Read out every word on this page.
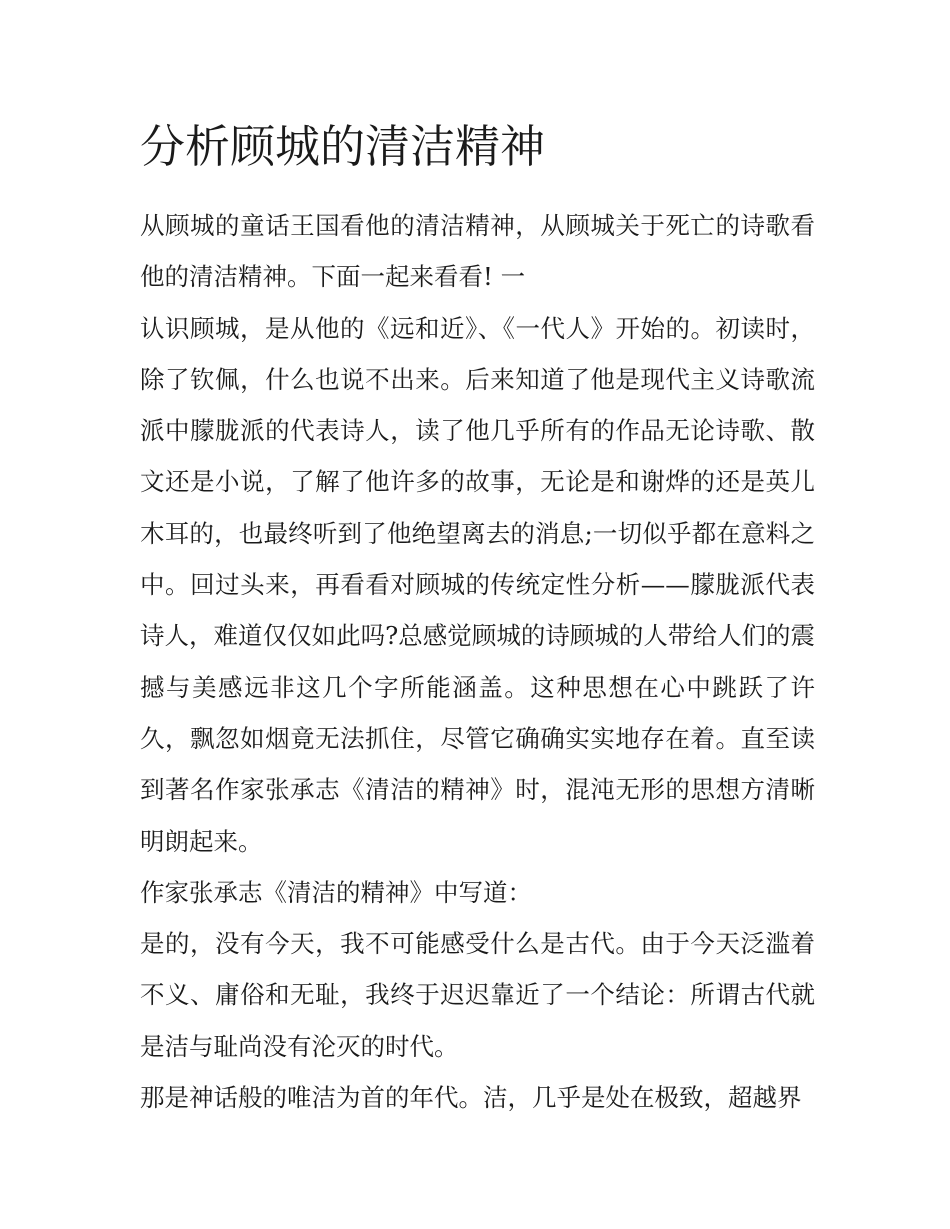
分析顾城的清洁精神

从顾城的童话王国看他的清洁精神，从顾城关于死亡的诗歌看他的清洁精神。下面一起来看看! 一

认识顾城，是从他的《远和近》、《一代人》开始的。初读时，除了钦佩，什么也说不出来。后来知道了他是现代主义诗歌流派中朦胧派的代表诗人，读了他几乎所有的作品无论诗歌、散文还是小说，了解了他许多的故事，无论是和谢烨的还是英儿木耳的，也最终听到了他绝望离去的消息;一切似乎都在意料之中。回过头来，再看看对顾城的传统定性分析——朦胧派代表诗人，难道仅仅如此吗?总感觉顾城的诗顾城的人带给人们的震撼与美感远非这几个字所能涵盖。这种思想在心中跳跃了许久，飘忽如烟竟无法抓住，尽管它确确实实地存在着。直至读到著名作家张承志《清洁的精神》时，混沌无形的思想方清晰明朗起来。

作家张承志《清洁的精神》中写道：

是的，没有今天，我不可能感受什么是古代。由于今天泛滥着不义、庸俗和无耻，我终于迟迟靠近了一个结论：所谓古代就是洁与耻尚没有沦灭的时代。

那是神话般的唯洁为首的年代。洁，几乎是处在极致，超越界
